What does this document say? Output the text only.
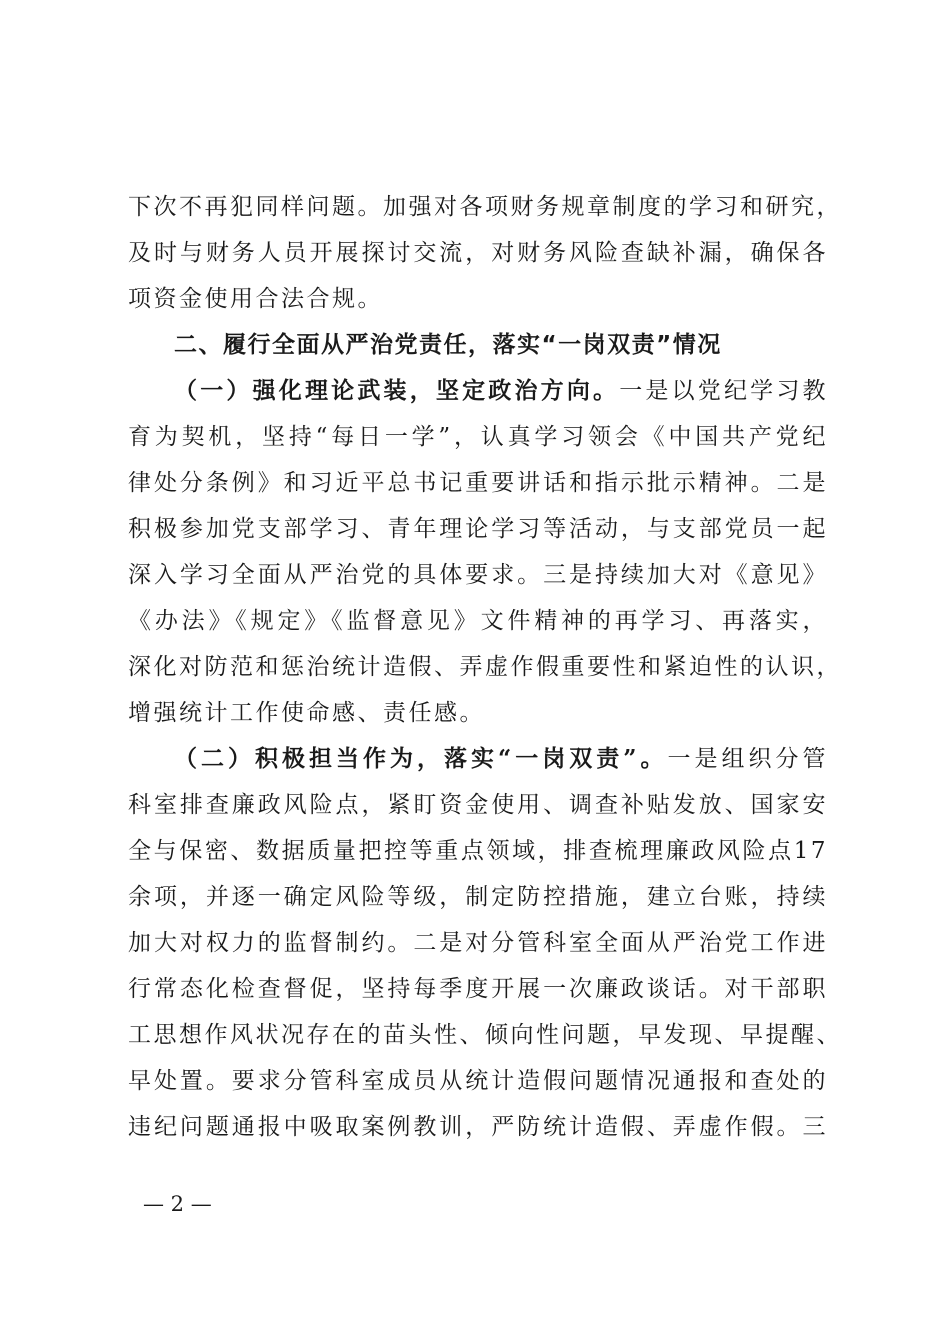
下次不再犯同样问题。加强对各项财务规章制度的学习和研究，
及时与财务人员开展探讨交流，对财务风险查缺补漏，确保各
项资金使用合法合规。
二、履行全面从严治党责任，落实“一岗双责”情况
（一）强化理论武装，坚定政治方向。一是以党纪学习教
育为契机，坚持“每日一学”，认真学习领会《中国共产党纪
律处分条例》和习近平总书记重要讲话和指示批示精神。二是
积极参加党支部学习、青年理论学习等活动，与支部党员一起
深入学习全面从严治党的具体要求。三是持续加大对《意见》
《办法》《规定》《监督意见》文件精神的再学习、再落实，
深化对防范和惩治统计造假、弄虚作假重要性和紧迫性的认识，
增强统计工作使命感、责任感。
（二）积极担当作为，落实“一岗双责”。一是组织分管
科室排查廉政风险点，紧盯资金使用、调查补贴发放、国家安
全与保密、数据质量把控等重点领域，排查梳理廉政风险点17
余项，并逐一确定风险等级，制定防控措施，建立台账，持续
加大对权力的监督制约。二是对分管科室全面从严治党工作进
行常态化检查督促，坚持每季度开展一次廉政谈话。对干部职
工思想作风状况存在的苗头性、倾向性问题，早发现、早提醒、
早处置。要求分管科室成员从统计造假问题情况通报和查处的
违纪问题通报中吸取案例教训，严防统计造假、弄虚作假。三
— 2 —
